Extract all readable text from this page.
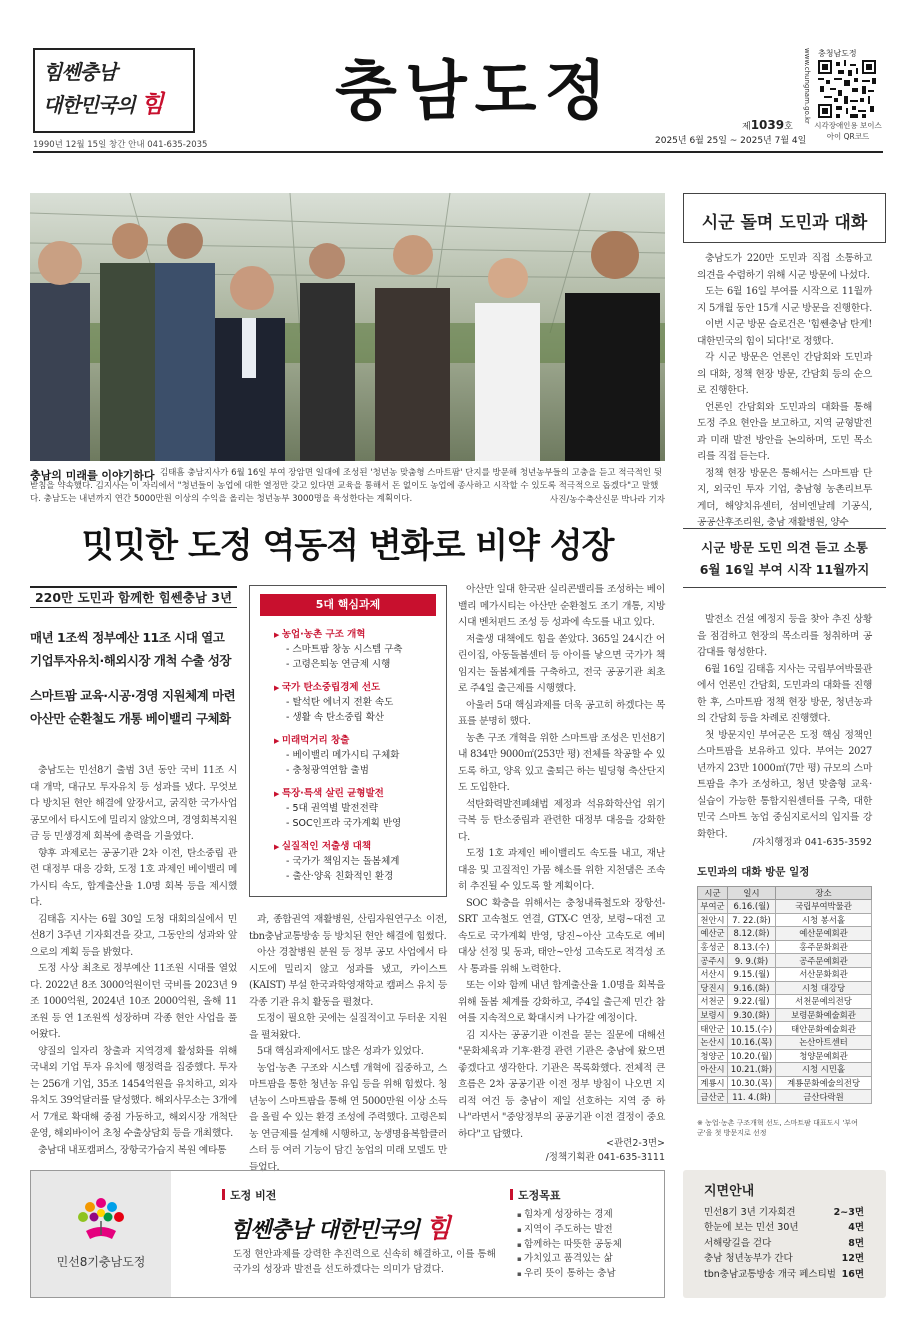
힘쎈충남
대한민국의 힘
1990년 12월 15일 창간 안내 041-635-2035
충남도정	제1039호
2025년 6월 25일 ~ 2025년 7월 4일
www.chungnam.go.kr 충청남도정
시각장애인용 보이스아이 QR코드
김태흠 충남지사가 6월 16일 부여 장암면 일대에 조성된 '청년농 맞춤형 스마트팜' 단지를 방문해 청년농부들의 고충을 듣고 적극적인 뒷받침을 약속했다. 김지사는 이 자리에서 "청년들이 농업에 대한 열정만 갖고 있다면 교육을 통해서 돈 없이도 농업에 종사하고 시작할 수 있도록 적극적으로 돕겠다"고 말했다. 충남도는 내년까지 연간 5000만원 이상의 수익을 올리는 청년농부 3000명을 육성한다는 계획이다.
충남의 미래를 이야기하다
사진/농수축산신문 박나라 기자
밋밋한 도정 역동적 변화로 비약 성장
220만 도민과 함께한 힘쎈충남 3년
매년 1조씩 정부예산 11조 시대 열고
기업투자유치·해외시장 개척 수출 성장
스마트팜 교육·시공·경영 지원체계 마련
아산만 순환철도 개통 베이밸리 구체화
5대 핵심과제
▶ 농업·농촌 구조 개혁
- 스마트팜 창농 시스템 구축
- 고령은퇴농 연금제 시행
▶ 국가 탄소중립경제 선도
- 탈석탄 에너지 전환 속도
- 생활 속 탄소중립 확산
▶ 미래먹거리 창출
- 베이밸리 메가시티 구체화
- 충청광역연합 출범
▶ 특장·특색 살린 균형발전
- 5대 권역별 발전전략
- SOC인프라 국가계획 반영
▶ 실질적인 저출생 대책
- 국가가 책임지는 돌봄체계
- 출산·양육 친화적인 환경

충남도는 민선8기 출범 3년 동안 국비 11조 시대 개막, 대규모 투자유치 등 성과를 냈다. 무엇보다 방치된 현안 해결에 앞장서고, 굵직한 국가사업 공모에서 타시도에 밀리지 않았으며, 경영회복지원금 등 민생경제 회복에 총력을 기울였다.

향후 과제로는 공공기관 2차 이전, 탄소중립 관련 대정부 대응 강화, 도정 1호 과제인 베이밸리 메가시티 속도, 합계출산율 1.0명 회복 등을 제시했다.

김태흠 지사는 6월 30일 도청 대회의실에서 민선8기 3주년 기자회견을 갖고, 그동안의 성과와 앞으로의 계획 등을 밝혔다.

도정 사상 최초로 정부예산 11조원 시대를 열었다. 2022년 8조 3000억원이던 국비를 2023년 9조 1000억원, 2024년 10조 2000억원, 올해 11조원 등 연 1조원씩 성장하며 각종 현안 사업을 풀어왔다.

양질의 일자리 창출과 지역경제 활성화를 위해 국내외 기업 투자 유치에 행정력을 집중했다. 투자는 256개 기업, 35조 1454억원을 유치하고, 외자유치도 39억달러를 달성했다. 해외사무소는 3개에서 7개로 확대해 중점 가동하고, 해외시장 개척단 운영, 해외바이어 초청 수출상담회 등을 개최했다.

충남대 내포캠퍼스, 장항국가습지 복원 예타통

과, 종합권역 재활병원, 산림자원연구소 이전, tbn충남교통방송 등 방치된 현안 해결에 힘썼다.

아산 경찰병원 분원 등 정부 공모 사업에서 타시도에 밀리지 않고 성과를 냈고, 카이스트(KAIST) 부설 한국과학영재학교 캠퍼스 유치 등 각종 기관 유치 활동을 펼쳤다.

도정이 필요한 곳에는 실질적이고 두터운 지원을 펼쳐왔다.

5대 핵심과제에서도 많은 성과가 있었다.

농업·농촌 구조와 시스템 개혁에 집중하고, 스마트팜을 통한 청년농 유입 등을 위해 힘썼다. 청년농이 스마트팜을 통해 연 5000만원 이상 소득을 올릴 수 있는 환경 조성에 주력했다. 고령은퇴농 연금제를 설계해 시행하고, 농생명융복합클러스터 등 여러 기능이 담긴 농업의 미래 모델도 만들었다.

아산만 일대 한국판 실리콘밸리를 조성하는 베이밸리 메가시티는 아산만 순환철도 조기 개통, 지방시대 벤처펀드 조성 등 성과에 속도를 내고 있다.

저출생 대책에도 힘을 쏟았다. 365일 24시간 어린이집, 아동돌봄센터 등 아이를 낳으면 국가가 책임지는 돌봄체계를 구축하고, 전국 공공기관 최초로 주4일 출근제를 시행했다.

아울러 5대 핵심과제를 더욱 공고히 하겠다는 목표를 분명히 했다.

농촌 구조 개혁을 위한 스마트팜 조성은 민선8기 내 834만 9000㎡(253만 평) 전체를 착공할 수 있도록 하고, 양육 있고 출퇴근 하는 빌딩형 축산단지도 도입한다.

석탄화력발전폐쇄법 제정과 석유화학산업 위기극복 등 탄소중립과 관련한 대정부 대응을 강화한다.

도정 1호 과제인 베이밸리도 속도를 내고, 재난 대응 및 고질적인 가뭄 해소를 위한 지천댐은 조속히 추진될 수 있도록 할 계획이다.

SOC 확충을 위해서는 충청내륙철도와 장항선-SRT 고속철도 연결, GTX-C 연장, 보령~대전 고속도로 국가계획 반영, 당진~아산 고속도로 예비 대상 선정 및 동과, 태안~안성 고속도로 적격성 조사 통과를 위해 노력한다.

또는 이와 함께 내년 합계출산율 1.0명을 회복을 위해 돌봄 체계를 강화하고, 주4일 출근제 민간 참여를 지속적으로 확대시켜 나가갈 예정이다.

김 지사는 공공기관 이전을 묻는 질문에 대해선 "문화체육과 기후·환경 관련 기관은 충남에 왔으면 좋겠다고 생각한다. 기관은 목록화했다. 전체적 큰 흐름은 2차 공공기관 이전 정부 방침이 나오면 지리적 여건 등 충남이 제일 선호하는 지역 중 하나"라면서 "중앙정부의 공공기관 이전 결정이 중요하다"고 답했다.

<관련2-3면>
/정책기획관 041-635-3111
시군 돌며 도민과 대화

충남도가 220만 도민과 직접 소통하고 의견을 수렴하기 위해 시군 방문에 나섰다.

도는 6월 16일 부여를 시작으로 11월까지 5개월 동안 15개 시군 방문을 진행한다.

이번 시군 방문 슬로건은 '힘쎈충남 탄게! 대한민국의 힘이 되다!'로 정했다.

각 시군 방문은 언론인 간담회와 도민과의 대화, 정책 현장 방문, 간담회 등의 순으로 진행한다.

언론인 간담회와 도민과의 대화를 통해 도정 주요 현안을 보고하고, 지역 균형발전과 미래 발전 방안을 논의하며, 도민 목소리를 직접 듣는다.

정책 현장 방문은 통해서는 스마트팜 단지, 외국인 투자 기업, 충남형 농촌리브투게더, 해양치유센터, 섬비엔날레 기공식, 공공산후조리원, 충남 재활병원, 양수

시군 방문 도민 의견 듣고 소통
6월 16일 부여 시작 11월까지

발전소 건설 예정지 등을 찾아 추진 상황을 점검하고 현장의 목소리를 청취하며 공감대를 형성한다.

6월 16일 김태흠 지사는 국립부여박물관에서 언론인 간담회, 도민과의 대화를 진행한 후, 스마트팜 정책 현장 방문, 청년농과의 간담회 등을 차례로 진행했다.

첫 방문지인 부여군은 도정 핵심 정책인 스마트팜을 보유하고 있다. 부여는 2027년까지 23만 1000㎡(7만 평) 규모의 스마트팜을 추가 조성하고, 청년 맞춤형 교육·실습이 가능한 통합지원센터를 구축, 대한민국 스마트 농업 중심지로서의 입지를 강화한다.

/자치행정과 041-635-3592
도민과의 대화 방문 일정
시군	일시	장소
부여군	6.16.(월)	국립부여박물관
천안시	7. 22.(화)	시청 봉서홀
예산군	8.12.(화)	예산문예회관
홍성군	8.13.(수)	홍주문화회관
공주시	9. 9.(화)	공주문예회관
서산시	9.15.(월)	서산문화회관
당진시	9.16.(화)	시청 대강당
서천군	9.22.(월)	서천문예의전당
보령시	9.30.(화)	보령문화예술회관
태안군	10.15.(수)	태안문화예술회관
논산시	10.16.(목)	논산아트센터
청양군	10.20.(월)	청양문예회관
아산시	10.21.(화)	시청 시민홀
계룡시	10.30.(목)	계룡문화예술의전당
금산군	11. 4.(화)	금산다락원
※ 농업·농촌 구조개혁 선도, 스마트팜 대표도시 '부여군'을 첫 방문지로 선정
민선8기충남도정
도정 비전
힘쎈충남 대한민국의 힘
도정 현안과제를 강력한 추진력으로 신속히 해결하고, 이를 통해 국가의 성장과 발전을 선도하겠다는 의미가 담겼다.
도정목표
▪ 힘차게 성장하는 경제
▪ 지역이 주도하는 발전
▪ 함께하는 따뜻한 공동체
▪ 가치있고 품격있는 삶
▪ 우리 뜻이 통하는 충남
지면안내
민선8기 3년 기자회견	2~3면
한눈에 보는 민선 30년	4면
서해랑길을 걷다	8면
충남 청년농부가 간다	12면
tbn충남교통방송 개국 페스티벌 16면
